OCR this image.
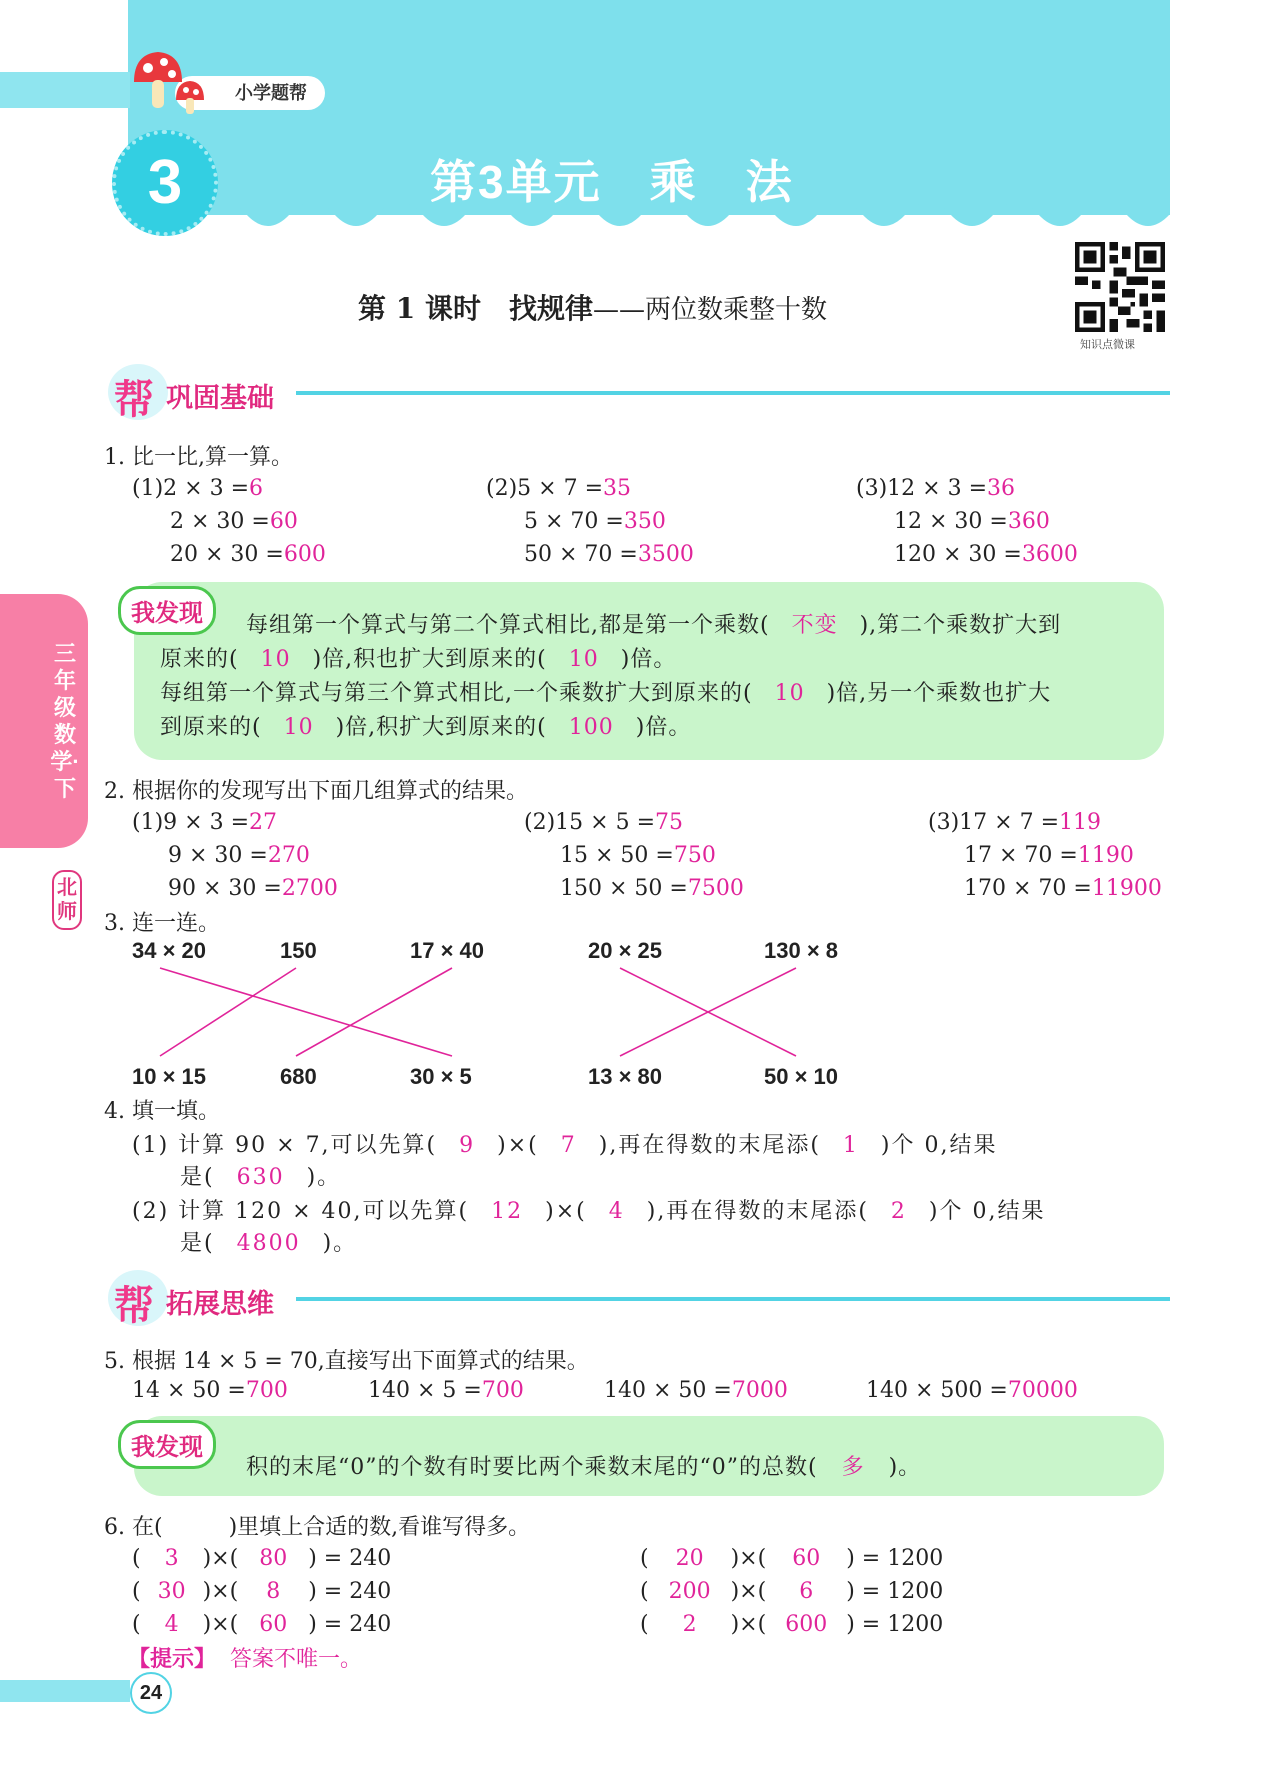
小学题帮
3	第3单元　乘　法
第 1 课时　找规律——两位数乘整十数
知识点微课
三年级数学·下
北师
帮 巩固基础
1. 比一比,算一算。
(1)2 × 3 =6
2 × 30 =60
20 × 30 =600
(2)5 × 7 =35
5 × 70 =350
50 × 70 =3500
(3)12 × 3 =36
12 × 30 =360
120 × 30 =3600
我发现	每组第一个算式与第二个算式相比,都是第一个乘数( 不变 ),第二个乘数扩大到
原来的( 10 )倍,积也扩大到原来的( 10 )倍。
每组第一个算式与第三个算式相比,一个乘数扩大到原来的( 10 )倍,另一个乘数也扩大
到原来的( 10 )倍,积扩大到原来的( 100 )倍。
2. 根据你的发现写出下面几组算式的结果。
(1)9 × 3 =27
9 × 30 =270
90 × 30 =2700
(2)15 × 5 =75
15 × 50 =750
150 × 50 =7500
(3)17 × 7 =119
17 × 70 =1190
170 × 70 =11900
3. 连一连。
34 × 20	150	17 × 40	20 × 25	130 × 8
10 × 15	680	30 × 5	13 × 80	50 × 10
4. 填一填。
(1) 计算 90 × 7,可以先算( 9 )×( 7 ),再在得数的末尾添( 1 )个 0,结果
是( 630 )。
(2) 计算 120 × 40,可以先算( 12 )×( 4 ),再在得数的末尾添( 2 )个 0,结果
是( 4800 )。
帮 拓展思维
5. 根据 14 × 5 = 70,直接写出下面算式的结果。
14 × 50 =700	140 × 5 =700	140 × 50 =7000	140 × 500 =70000
我发现
积的末尾“0”的个数有时要比两个乘数末尾的“0”的总数( 多 )。
6. 在(　　　)里填上合适的数,看谁写得多。
( 3 )×( 80 ) = 240
( 30 )×( 8 ) = 240
( 4 )×( 60 ) = 240
( 20 )×( 60 ) = 1200
( 200 )×( 6 ) = 1200
( 2 )×( 600 ) = 1200
【提示】 答案不唯一。
24
